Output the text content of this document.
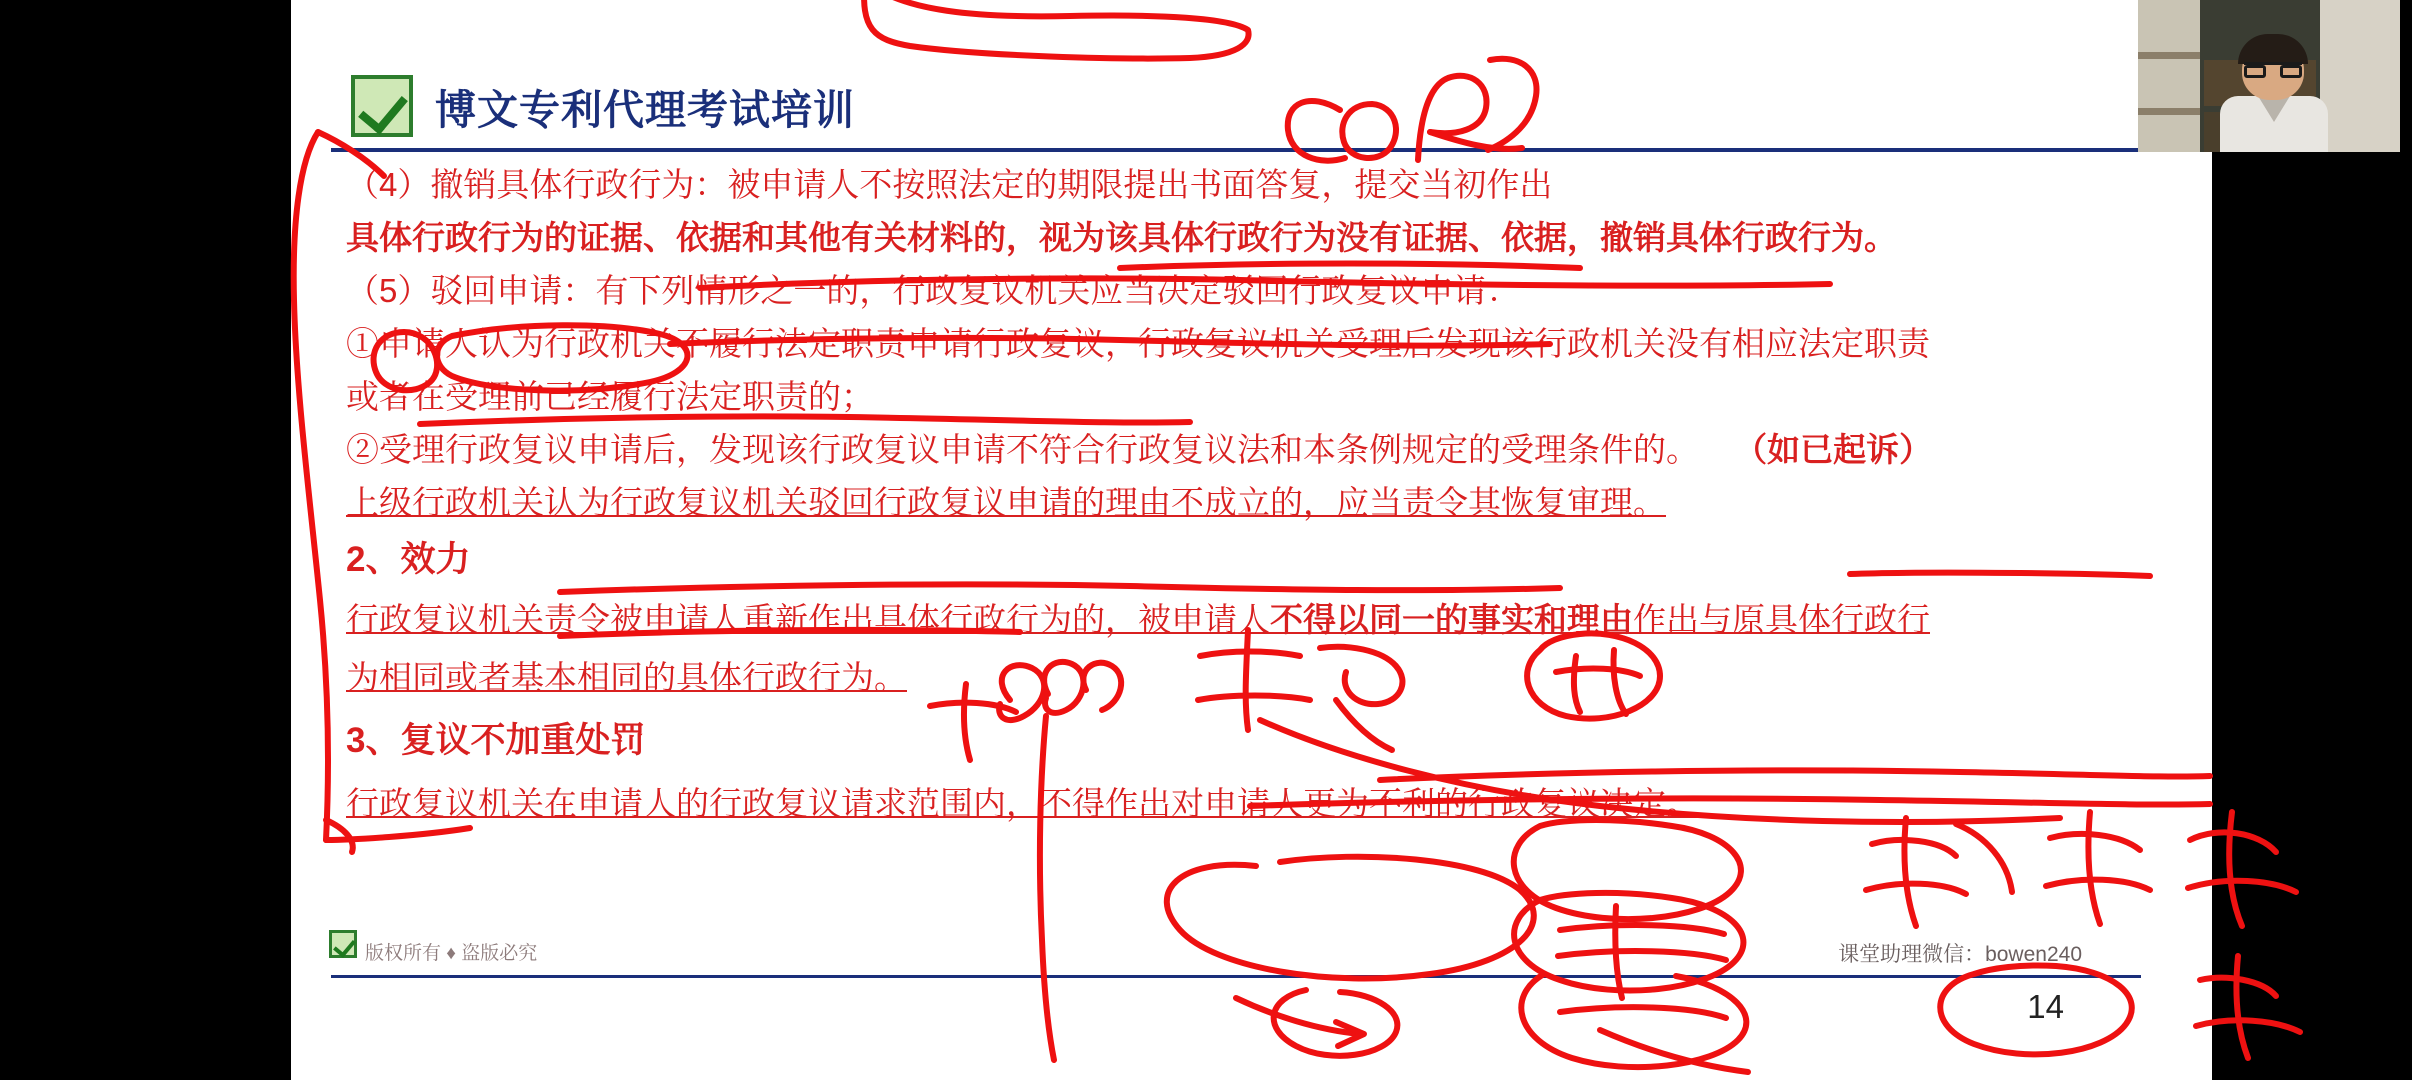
博文专利代理考试培训
（4）撤销具体行政行为：被申请人不按照法定的期限提出书面答复，提交当初作出
具体行政行为的证据、依据和其他有关材料的，视为该具体行政行为没有证据、依据，撤销具体行政行为。
（5）驳回申请：有下列情形之一的，行政复议机关应当决定驳回行政复议申请：
①申请人认为行政机关不履行法定职责申请行政复议，行政复议机关受理后发现该行政机关没有相应法定职责
或者在受理前已经履行法定职责的；
②受理行政复议申请后，发现该行政复议申请不符合行政复议法和本条例规定的受理条件的。 （如已起诉）
上级行政机关认为行政复议机关驳回行政复议申请的理由不成立的，应当责令其恢复审理。
2、效力
行政复议机关责令被申请人重新作出具体行政行为的，被申请人不得以同一的事实和理由作出与原具体行政行
为相同或者基本相同的具体行政行为。
3、复议不加重处罚
行政复议机关在申请人的行政复议请求范围内，不得作出对申请人更为不利的行政复议决定。
版权所有 ♦ 盗版必究	课堂助理微信：bowen240
14
